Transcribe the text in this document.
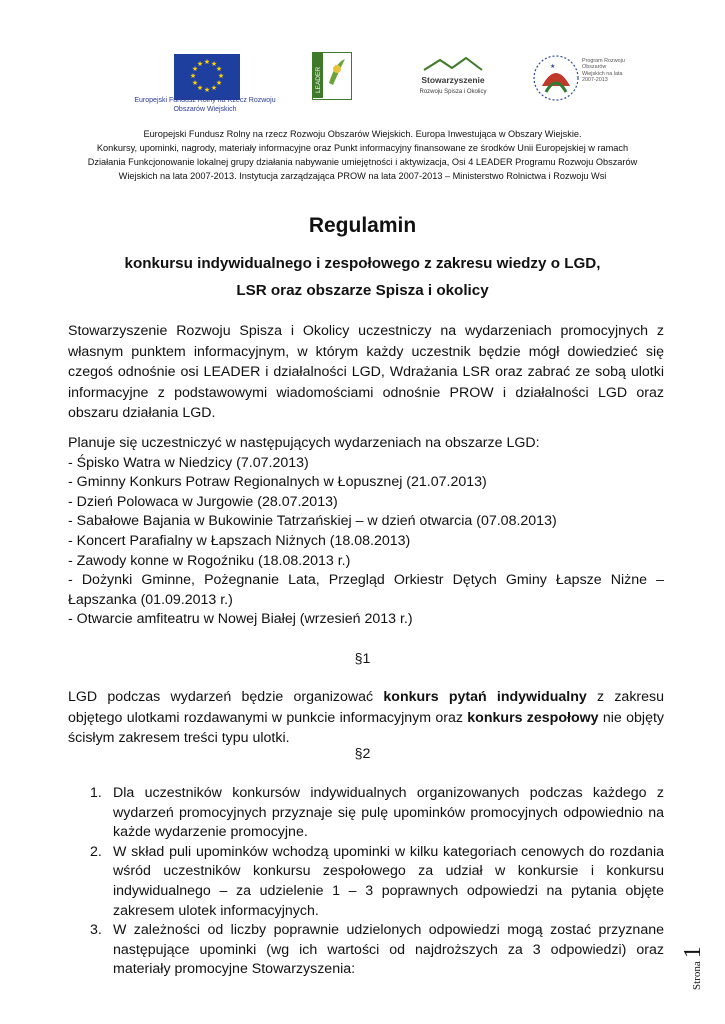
★ ★
★
★
★
★
★
★
★
★
★
★
Europejski Fundusz Rolny na Rzecz Rozwoju Obszarów Wiejskich
LEADER	Stowarzyszenie
Rozwoju Spisza i Okolicy
★
Program Rozwoju Obszarów Wiejskich na lata 2007-2013
Europejski Fundusz Rolny na rzecz Rozwoju Obszarów Wiejskich. Europa Inwestująca w Obszary Wiejskie.
Konkursy, upominki, nagrody, materiały informacyjne oraz Punkt informacyjny finansowane ze środków Unii Europejskiej w ramach
Działania Funkcjonowanie lokalnej grupy działania nabywanie umiejętności i aktywizacja, Osi 4 LEADER Programu Rozwoju Obszarów
Wiejskich na lata 2007-2013. Instytucja zarządzająca PROW na lata 2007-2013 – Ministerstwo Rolnictwa i Rozwoju Wsi
Regulamin
konkursu indywidualnego i zespołowego z zakresu wiedzy o LGD,
LSR oraz obszarze Spisza i okolicy
Stowarzyszenie Rozwoju Spisza i Okolicy uczestniczy na wydarzeniach promocyjnych z własnym punktem informacyjnym, w którym każdy uczestnik będzie mógł dowiedzieć się czegoś odnośnie osi LEADER i działalności LGD, Wdrażania LSR oraz zabrać ze sobą ulotki informacyjne z podstawowymi wiadomościami odnośnie PROW i działalności LGD oraz obszaru działania LGD.
Planuje się uczestniczyć w następujących wydarzeniach na obszarze LGD:
- Śpisko Watra w Niedzicy (7.07.2013)
- Gminny Konkurs Potraw Regionalnych w Łopusznej (21.07.2013)
- Dzień Polowaca w Jurgowie (28.07.2013)
- Sabałowe Bajania w Bukowinie Tatrzańskiej – w dzień otwarcia (07.08.2013)
- Koncert Parafialny w Łapszach Niżnych (18.08.2013)
- Zawody konne w Rogoźniku (18.08.2013 r.)
- Dożynki Gminne, Pożegnanie Lata, Przegląd Orkiestr Dętych Gminy Łapsze Niżne – Łapszanka (01.09.2013 r.)
- Otwarcie amfiteatru w Nowej Białej (wrzesień 2013 r.)
§1
LGD podczas wydarzeń będzie organizować konkurs pytań indywidualny z zakresu objętego ulotkami rozdawanymi w punkcie informacyjnym oraz konkurs zespołowy nie objęty ścisłym zakresem treści typu ulotki.
§2
1. Dla uczestników konkursów indywidualnych organizowanych podczas każdego z wydarzeń promocyjnych przyznaje się pulę upominków promocyjnych odpowiednio na każde wydarzenie promocyjne.
2. W skład puli upominków wchodzą upominki w kilku kategoriach cenowych do rozdania wśród uczestników konkursu zespołowego za udział w konkursie i konkursu indywidualnego – za udzielenie 1 – 3 poprawnych odpowiedzi na pytania objęte zakresem ulotek informacyjnych.
3. W zależności od liczby poprawnie udzielonych odpowiedzi mogą zostać przyznane następujące upominki (wg ich wartości od najdroższych za 3 odpowiedzi) oraz materiały promocyjne Stowarzyszenia:	Strona1
